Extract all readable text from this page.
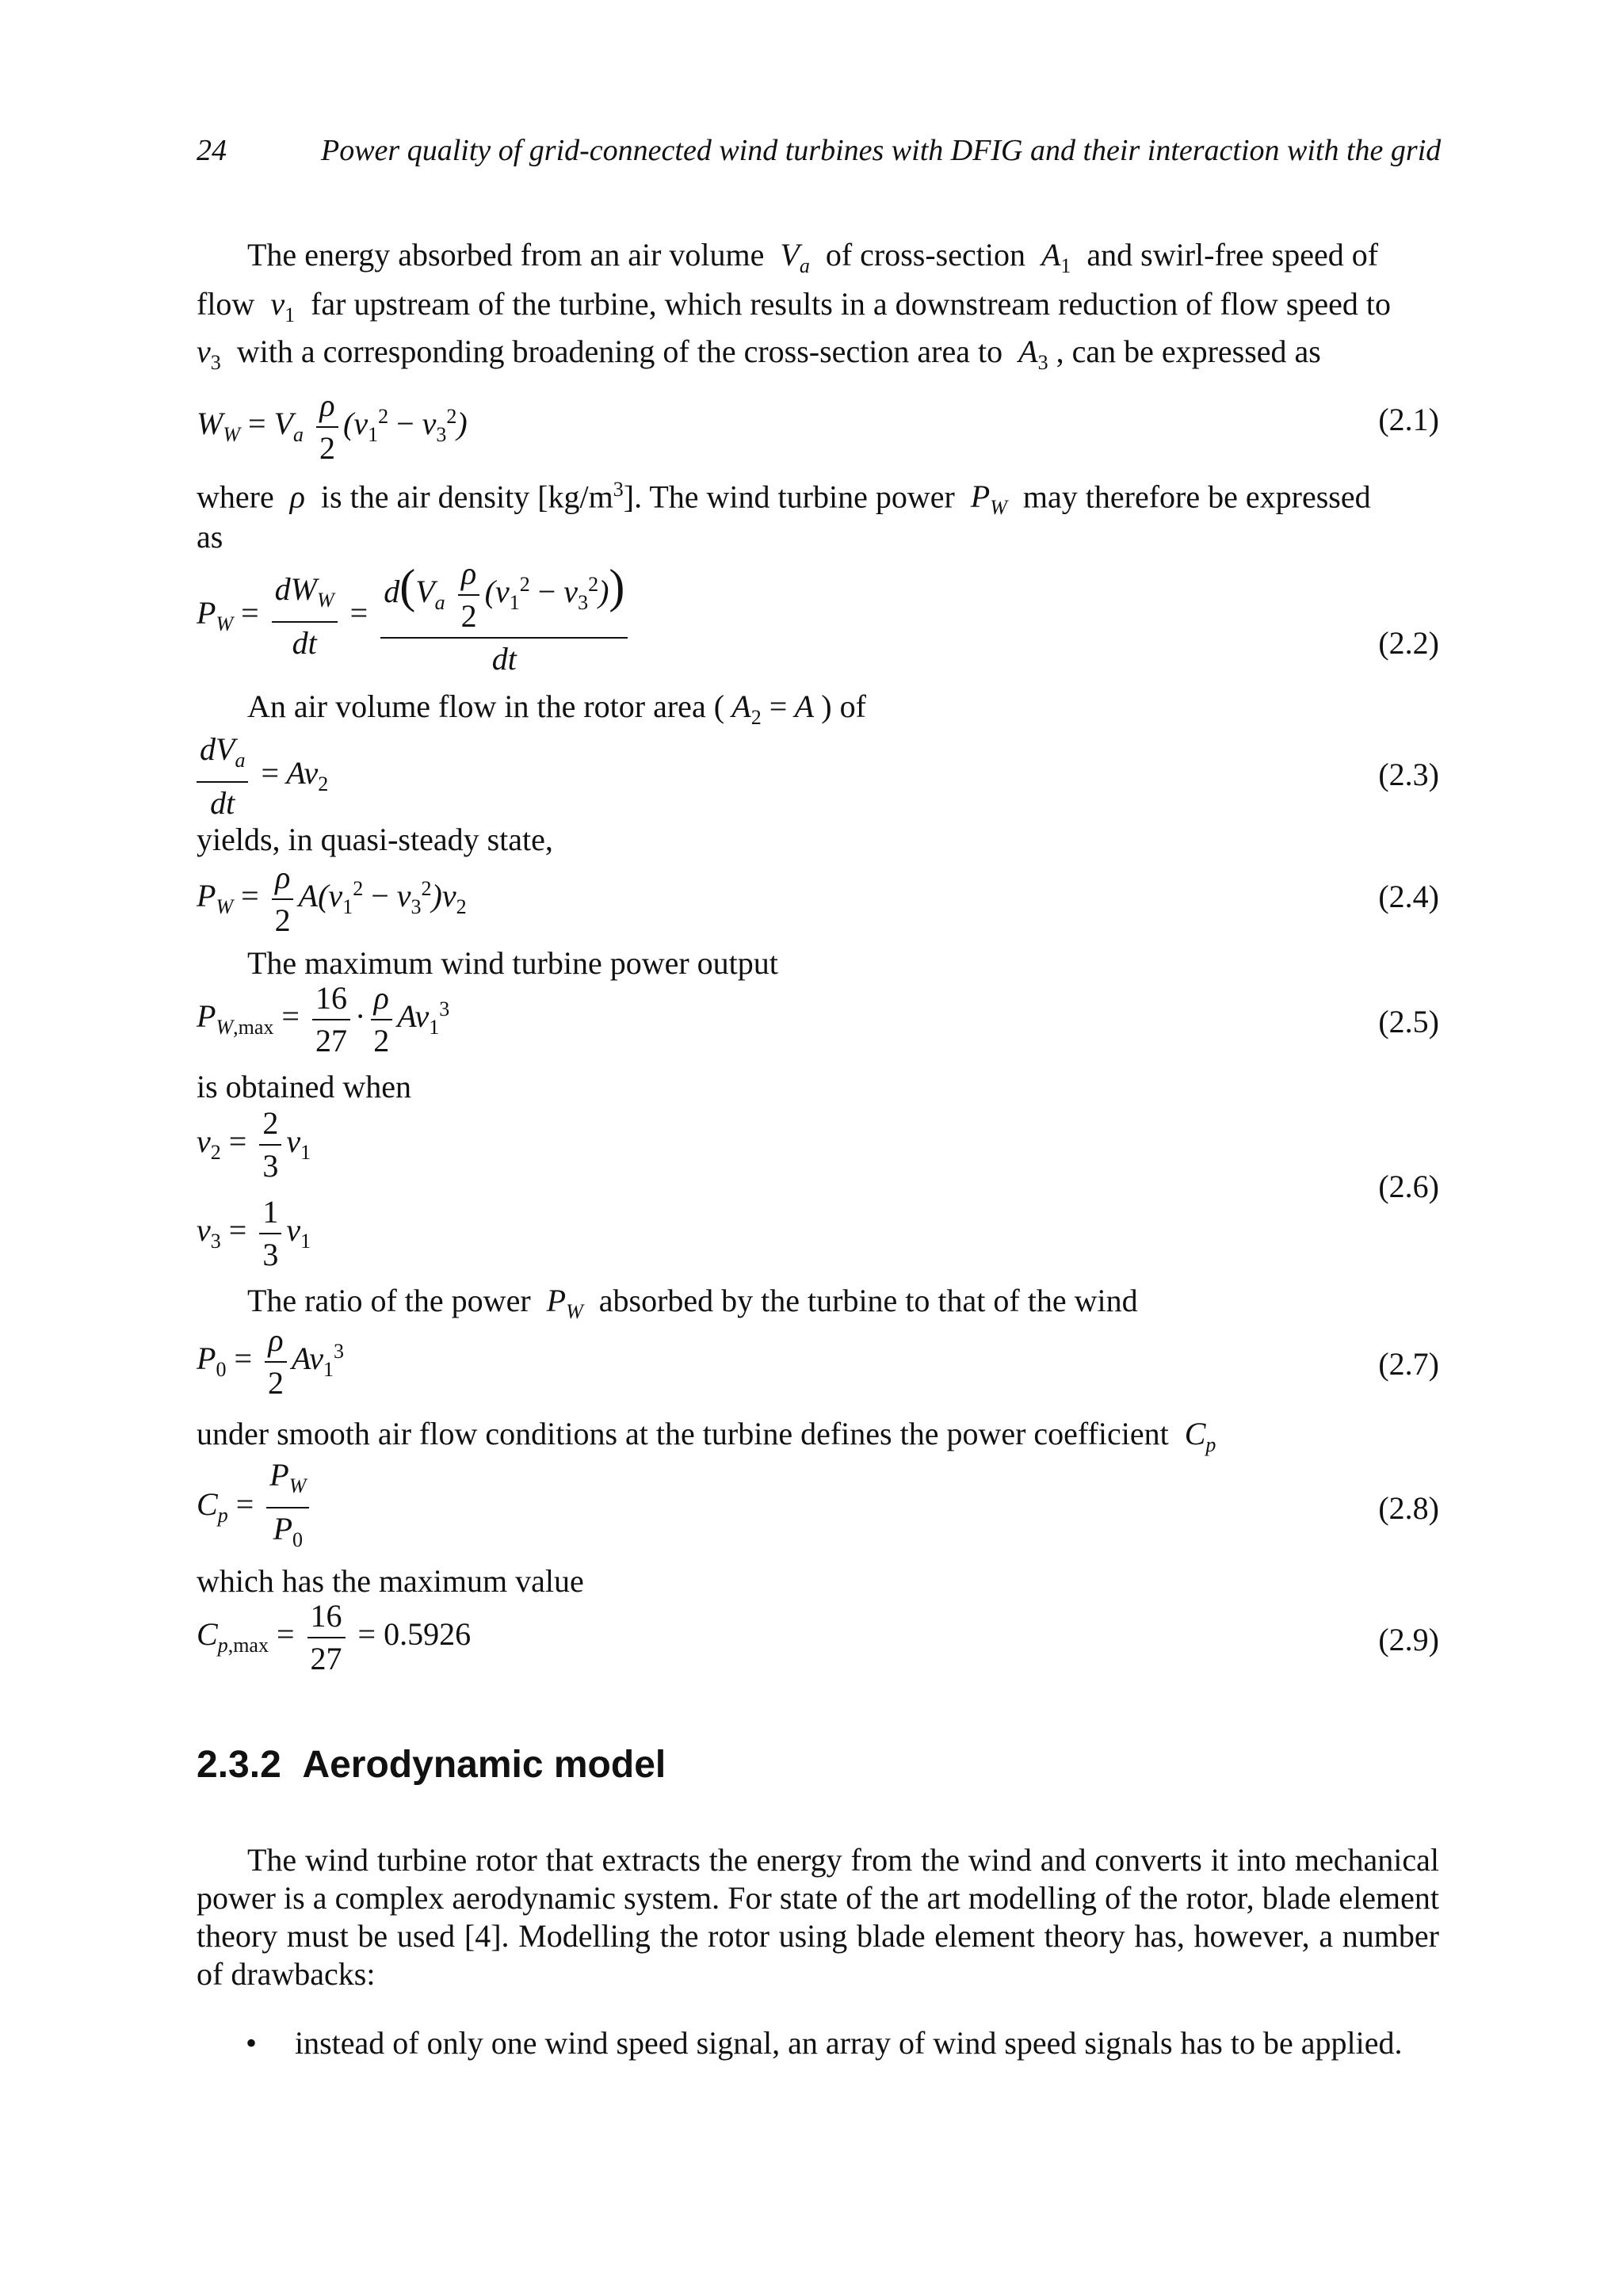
24	Power quality of grid-connected wind turbines with DFIG and their interaction with the grid
The energy absorbed from an air volume  $V_a$ of cross-section  $A_1$ and swirl-free speed of
flow  $v_1$ far upstream of the turbine, which results in a downstream reduction of flow speed to
$v_3$ with a corresponding broadening of the cross-section area to  $A_3$ , can be expressed as
$W_W = V_a \frac{\rho}{2} (v_1^2 - v_3^2)$	(2.1)
where  ρ  is the air density $[kg/m^3]$. The wind turbine power  $P_W$ may therefore be expressed
as
$P_W = \frac{dW_W}{dt} = \frac{d(V_a \frac{\rho}{2} (v_1^2 - v_3^2))}{dt}$	(2.2)
An air volume flow in the rotor area ( $A_2 = A$ ) of
$\frac{dV_a}{dt} = Av_2$	(2.3)
yields, in quasi-steady state,
$P_W = \frac{\rho}{2} A(v_1^2 - v_3^2)v_2$	(2.4)
The maximum wind turbine power output
$P_{W,max} = \frac{16}{27} \cdot \frac{\rho}{2} Av_1^3$	(2.5)
is obtained when
$v_2 = \frac{2}{3} v_1$
$v_3 = \frac{1}{3} v_1$
(2.6)
The ratio of the power  $P_W$ absorbed by the turbine to that of the wind
$P_0 = \frac{\rho}{2} Av_1^3$	(2.7)
under smooth air flow conditions at the turbine defines the power coefficient  $C_p$
$C_p = \frac{P_W}{P_0}$	(2.8)
which has the maximum value
$C_{p,max} = \frac{16}{27} = 0.5926$	(2.9)
2.3.2 Aerodynamic model
The wind turbine rotor that extracts the energy from the wind and converts it into mechanical power is a complex aerodynamic system. For state of the art modelling of the rotor, blade element theory must be used [4]. Modelling the rotor using blade element theory has, however, a number of drawbacks:
• instead of only one wind speed signal, an array of wind speed signals has to be applied.
